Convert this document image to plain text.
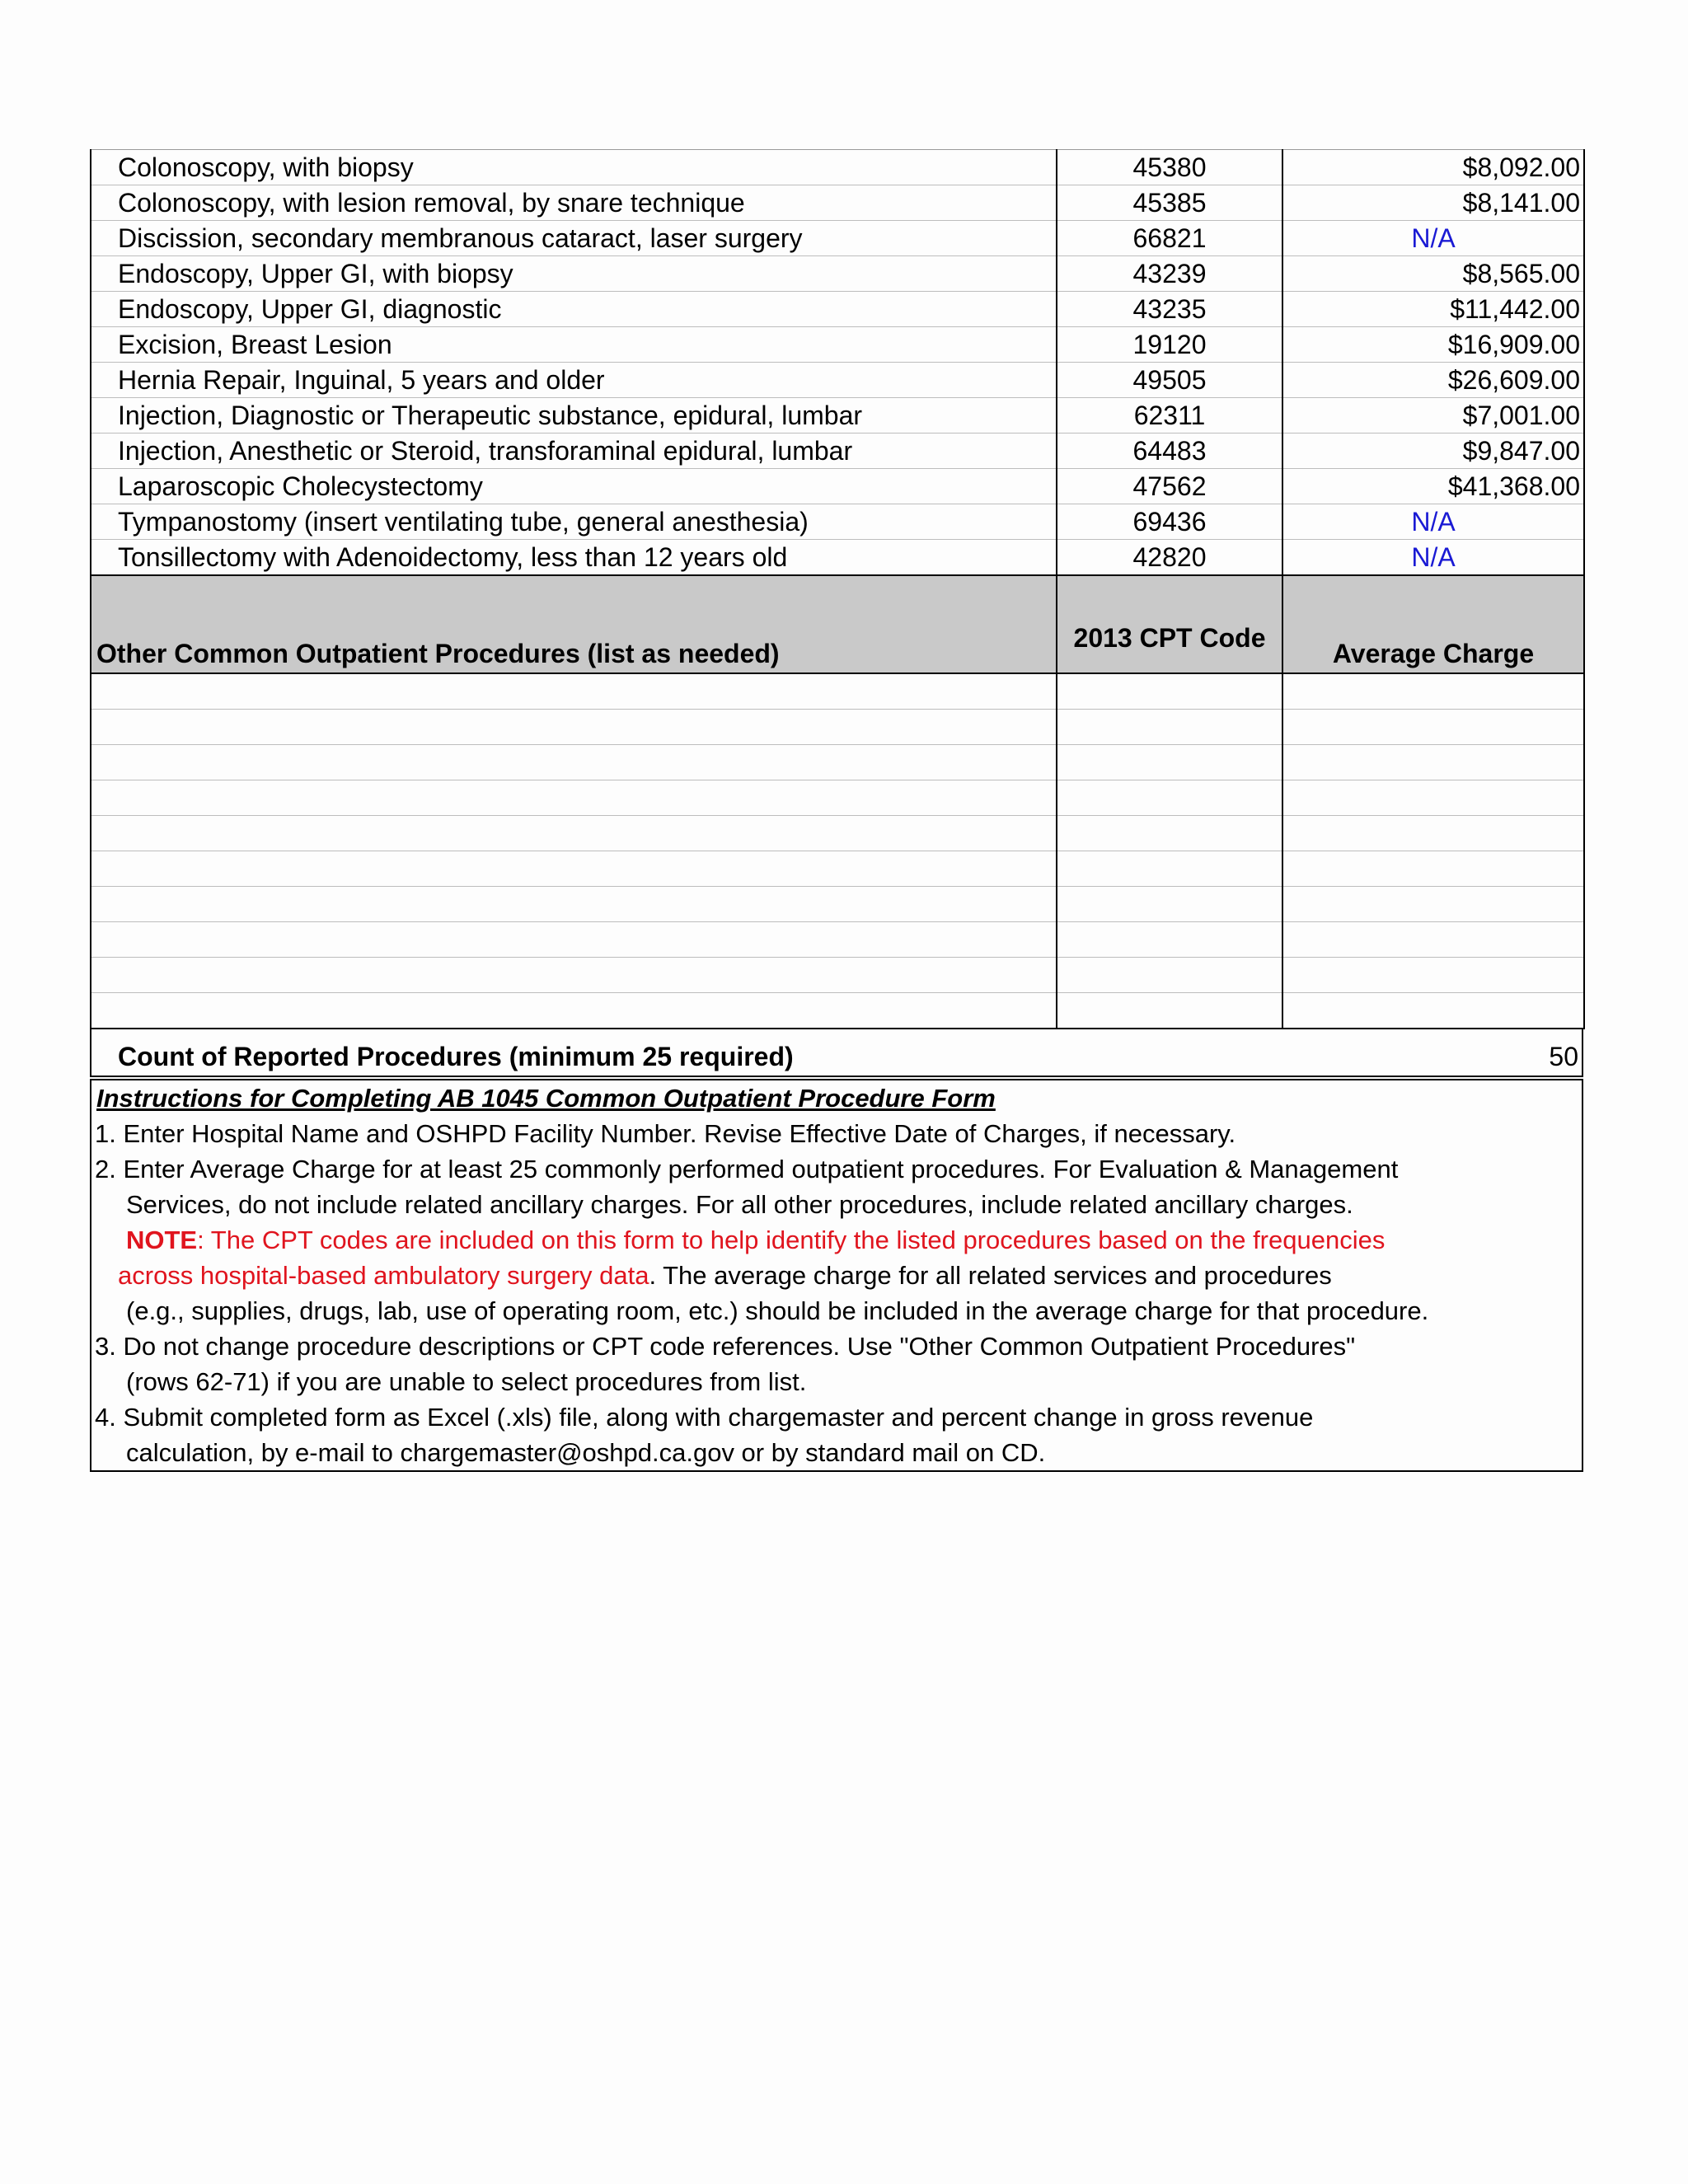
Colonoscopy, with biopsy	45380	$8,092.00
Colonoscopy, with lesion removal, by snare technique	45385	$8,141.00
Discission, secondary membranous cataract, laser surgery	66821	N/A
Endoscopy, Upper GI, with biopsy	43239	$8,565.00
Endoscopy, Upper GI, diagnostic	43235	$11,442.00
Excision, Breast Lesion	19120	$16,909.00
Hernia Repair, Inguinal, 5 years and older	49505	$26,609.00
Injection, Diagnostic or Therapeutic substance, epidural, lumbar	62311	$7,001.00
Injection, Anesthetic or Steroid, transforaminal epidural, lumbar	64483	$9,847.00
Laparoscopic Cholecystectomy	47562	$41,368.00
Tympanostomy (insert ventilating tube, general anesthesia)	69436	N/A
Tonsillectomy with Adenoidectomy, less than 12 years old	42820	N/A
Other Common Outpatient Procedures (list as needed)	2013 CPT Code	Average Charge

Count of Reported Procedures (minimum 25 required)	50
Instructions for Completing AB 1045 Common Outpatient Procedure Form
1. Enter Hospital Name and OSHPD Facility Number. Revise Effective Date of Charges, if necessary.
2. Enter Average Charge for at least 25 commonly performed outpatient procedures. For Evaluation & Management
Services, do not include related ancillary charges. For all other procedures, include related ancillary charges.
NOTE: The CPT codes are included on this form to help identify the listed procedures based on the frequencies
across hospital-based ambulatory surgery data. The average charge for all related services and procedures
(e.g., supplies, drugs, lab, use of operating room, etc.) should be included in the average charge for that procedure.
3. Do not change procedure descriptions or CPT code references. Use "Other Common Outpatient Procedures"
(rows 62-71) if you are unable to select procedures from list.
4. Submit completed form as Excel (.xls) file, along with chargemaster and percent change in gross revenue
calculation, by e-mail to chargemaster@oshpd.ca.gov or by standard mail on CD.
